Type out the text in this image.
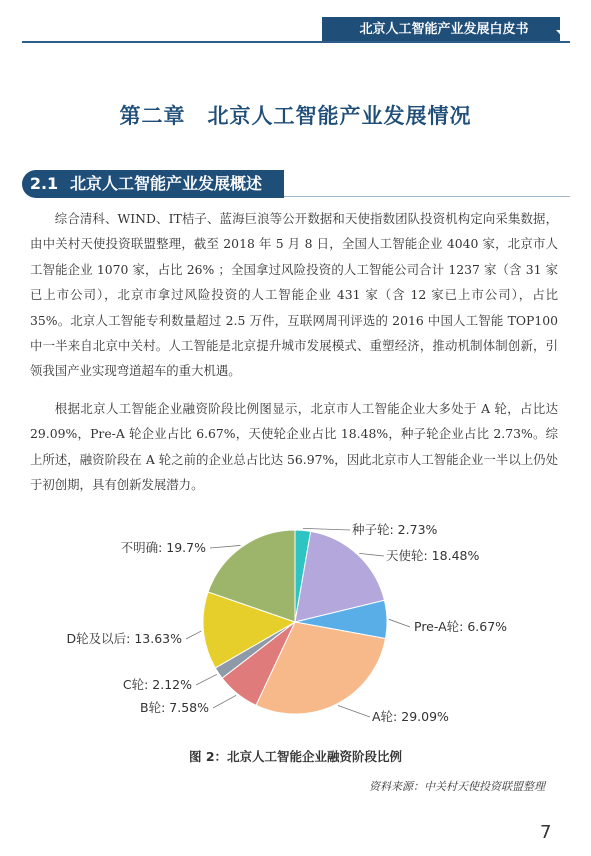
北京人工智能产业发展白皮书
第二章　北京人工智能产业发展情况
2.1 北京人工智能产业发展概述

综合清科、WIND、IT桔子、蓝海巨浪等公开数据和天使指数团队投资机构定向采集数据，由中关村天使投资联盟整理，截至 2018 年 5 月 8 日，全国人工智能企业 4040 家，北京市人工智能企业 1070 家，占比 26% ；全国拿过风险投资的人工智能公司合计 1237 家（含 31 家已上市公司），北京市拿过风险投资的人工智能企业 431 家（含 12 家已上市公司），占比 35%。北京人工智能专利数量超过 2.5 万件，互联网周刊评选的 2016 中国人工智能 TOP100 中一半来自北京中关村。人工智能是北京提升城市发展模式、重塑经济，推动机制体制创新，引领我国产业实现弯道超车的重大机遇。

根据北京人工智能企业融资阶段比例图显示，北京市人工智能企业大多处于 A 轮，占比达 29.09%，Pre-A 轮企业占比 6.67%，天使轮企业占比 18.48%，种子轮企业占比 2.73%。综上所述，融资阶段在 A 轮之前的企业总占比达 56.97%，因此北京市人工智能企业一半以上仍处于初创期，具有创新发展潜力。

种子轮: 2.73%
天使轮: 18.48%
Pre-A轮: 6.67%
A轮: 29.09%
B轮: 7.58%
C轮: 2.12%
D轮及以后: 13.63%
不明确: 19.7%
图 2：北京人工智能企业融资阶段比例
资料来源：中关村天使投资联盟整理
7
